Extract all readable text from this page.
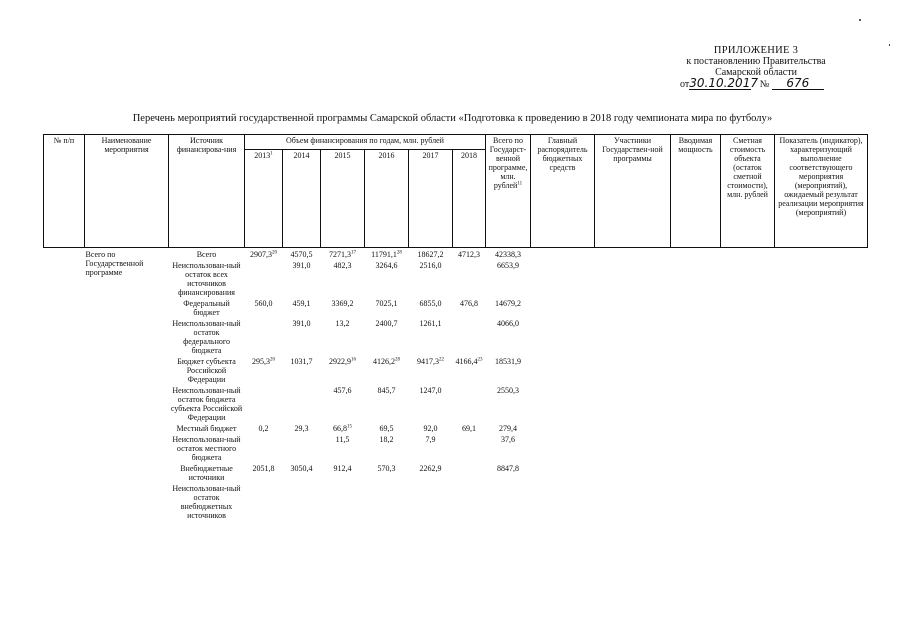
ПРИЛОЖЕНИЕ 3
к постановлению Правительства
Самарской области
от30.10.2017 № 676
Перечень мероприятий государственной программы Самарской области «Подготовка к проведению в 2018 году чемпионата мира по футболу»
№ п/п	Наименование мероприятия	Источник финансирова-ния	Объем финансирования по годам, млн. рублей						Всего по Государст-венной программе, млн. рублей$^{11}$	Главный распорядитель бюджетных средств	Участники Государствен-ной программы	Вводимая мощность	Сметная стоимость объекта (остаток сметной стоимости), млн. рублей	Показатель (индикатор), характеризующий выполнение соответствующего мероприятия (мероприятий), ожидаемый результат реализации мероприятия (мероприятий)	
			2013$^1$	2014	2015	2016	2017	2018							
	Всего по Государственной программе	Всего	2907,3$^{20}$	4570,5	7271,3$^{17}$	11791,1$^{28}$	18627,2	4712,3	42338,3						
		Неиспользован-ный остаток всех источников финансирования		391,0	482,3	3264,6	2516,0		6653,9						
		Федеральный бюджет	560,0	459,1	3369,2	7025,1	6855,0	476,8	14679,2						
		Неиспользован-ный остаток федерального бюджета		391,0	13,2	2400,7	1261,1		4066,0						
		Бюджет субъекта Российской Федерации	295,3$^{20}$	1031,7	2922,9$^{16}$	4126,2$^{28}$	9417,3$^{22}$	4166,4$^{23}$	18531,9						
		Неиспользован-ный остаток бюджета субъекта Российской Федерации			457,6	845,7	1247,0		2550,3						
		Местный бюджет	0,2	29,3	66,8$^{15}$	69,5	92,0	69,1	279,4						
		Неиспользован-ный остаток местного бюджета			11,5	18,2	7,9		37,6						
		Внебюджетные источники	2051,8	3050,4	912,4	570,3	2262,9		8847,8						
		Неиспользован-ный остаток внебюджетных источников													
